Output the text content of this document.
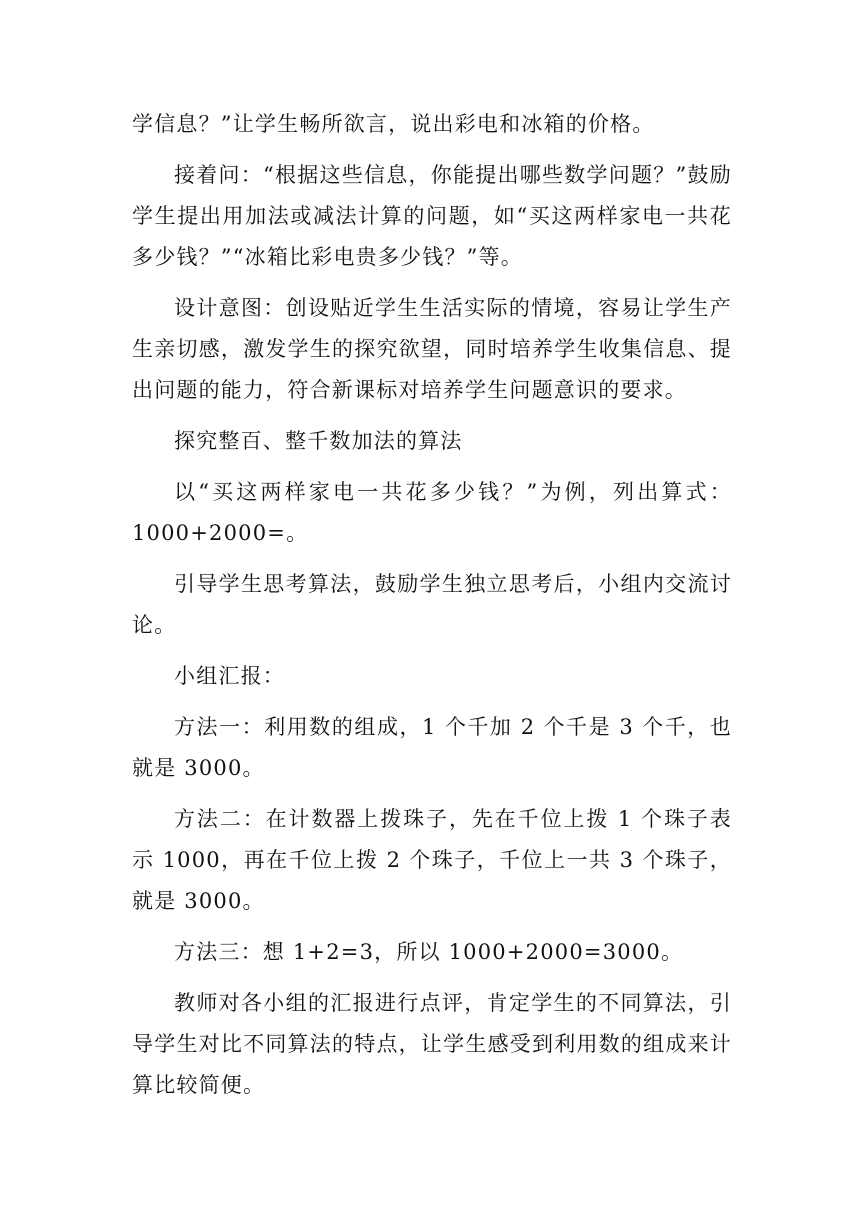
学信息？”让学生畅所欲言，说出彩电和冰箱的价格。

接着问：“根据这些信息，你能提出哪些数学问题？”鼓励学生提出用加法或减法计算的问题，如“买这两样家电一共花多少钱？”“冰箱比彩电贵多少钱？”等。

设计意图：创设贴近学生生活实际的情境，容易让学生产生亲切感，激发学生的探究欲望，同时培养学生收集信息、提出问题的能力，符合新课标对培养学生问题意识的要求。

探究整百、整千数加法的算法

以“买这两样家电一共花多少钱？”为例，列出算式：1000+2000=。

引导学生思考算法，鼓励学生独立思考后，小组内交流讨论。

小组汇报：

方法一：利用数的组成，1 个千加 2 个千是 3 个千，也就是 3000。

方法二：在计数器上拨珠子，先在千位上拨 1 个珠子表示 1000，再在千位上拨 2 个珠子，千位上一共 3 个珠子，就是 3000。

方法三：想 1+2=3，所以 1000+2000=3000。

教师对各小组的汇报进行点评，肯定学生的不同算法，引导学生对比不同算法的特点，让学生感受到利用数的组成来计算比较简便。
